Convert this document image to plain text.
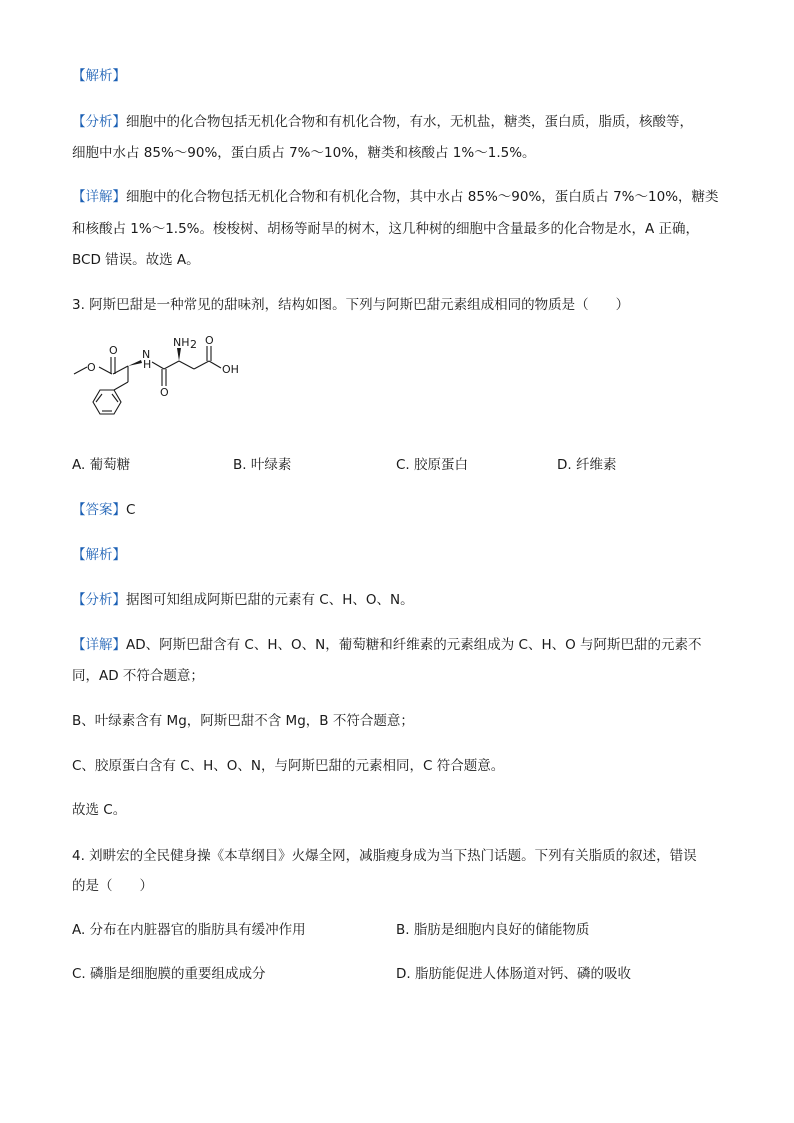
【解析】
【分析】细胞中的化合物包括无机化合物和有机化合物，有水，无机盐，糖类，蛋白质，脂质，核酸等，
细胞中水占 85%～90%，蛋白质占 7%～10%，糖类和核酸占 1%～1.5%。
【详解】细胞中的化合物包括无机化合物和有机化合物，其中水占 85%～90%，蛋白质占 7%～10%，糖类
和核酸占 1%～1.5%。梭梭树、胡杨等耐旱的树木，这几种树的细胞中含量最多的化合物是水，A 正确，
BCD 错误。故选 A。
3. 阿斯巴甜是一种常见的甜味剂，结构如图。下列与阿斯巴甜元素组成相同的物质是（　　）
O
O N
H
NH 2
O
O
OH
A. 葡萄糖	B. 叶绿素	C. 胶原蛋白	D. 纤维素
【答案】C
【解析】
【分析】据图可知组成阿斯巴甜的元素有 C、H、O、N。
【详解】AD、阿斯巴甜含有 C、H、O、N，葡萄糖和纤维素的元素组成为 C、H、O 与阿斯巴甜的元素不
同，AD 不符合题意；
B、叶绿素含有 Mg，阿斯巴甜不含 Mg，B 不符合题意；
C、胶原蛋白含有 C、H、O、N，与阿斯巴甜的元素相同，C 符合题意。
故选 C。
4. 刘畊宏的全民健身操《本草纲目》火爆全网，减脂瘦身成为当下热门话题。下列有关脂质的叙述，错误
的是（　　）
A. 分布在内脏器官的脂肪具有缓冲作用	B. 脂肪是细胞内良好的储能物质
C. 磷脂是细胞膜的重要组成成分	D. 脂肪能促进人体肠道对钙、磷的吸收
